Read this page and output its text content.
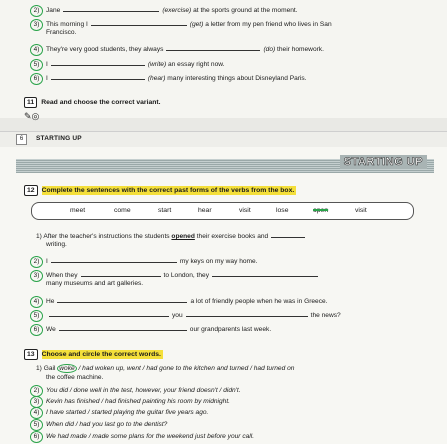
2) Jane	(exercise) at the sports ground at the moment.
3) This morning I	(get) a letter from my pen friend who lives in San
Francisco.
4) They're very good students, they always	(do) their homework.
5) I	(write) an essay right now.
6) I	(hear) many interesting things about Disneyland Paris.
11 Read and choose the correct variant.
✎◎
6	STARTING UP
STARTING UP
12 Complete the sentences with the correct past forms of the verbs from the box.
meet	come	start	hear	visit	lose	open	visit
1) After the teacher's instructions the students opened their exercise books and
writing.
2) I	my keys on my way home.
3) When they	to London, they
many museums and art galleries.
4) He	a lot of friendly people when he was in Greece.
5)	you	the news?
6) We	our grandparents last week.
13 Choose and circle the correct words.
1) Gail woke / had woken up, went / had gone to the kitchen and turned / had turned on
the coffee machine.
2) You did / done well in the test, however, your friend doesn't / didn't.
3) Kevin has finished / had finished painting his room by midnight.
4) I have started / started playing the guitar five years ago.
5) When did / had you last go to the dentist?
6) We had made / made some plans for the weekend just before your call.
